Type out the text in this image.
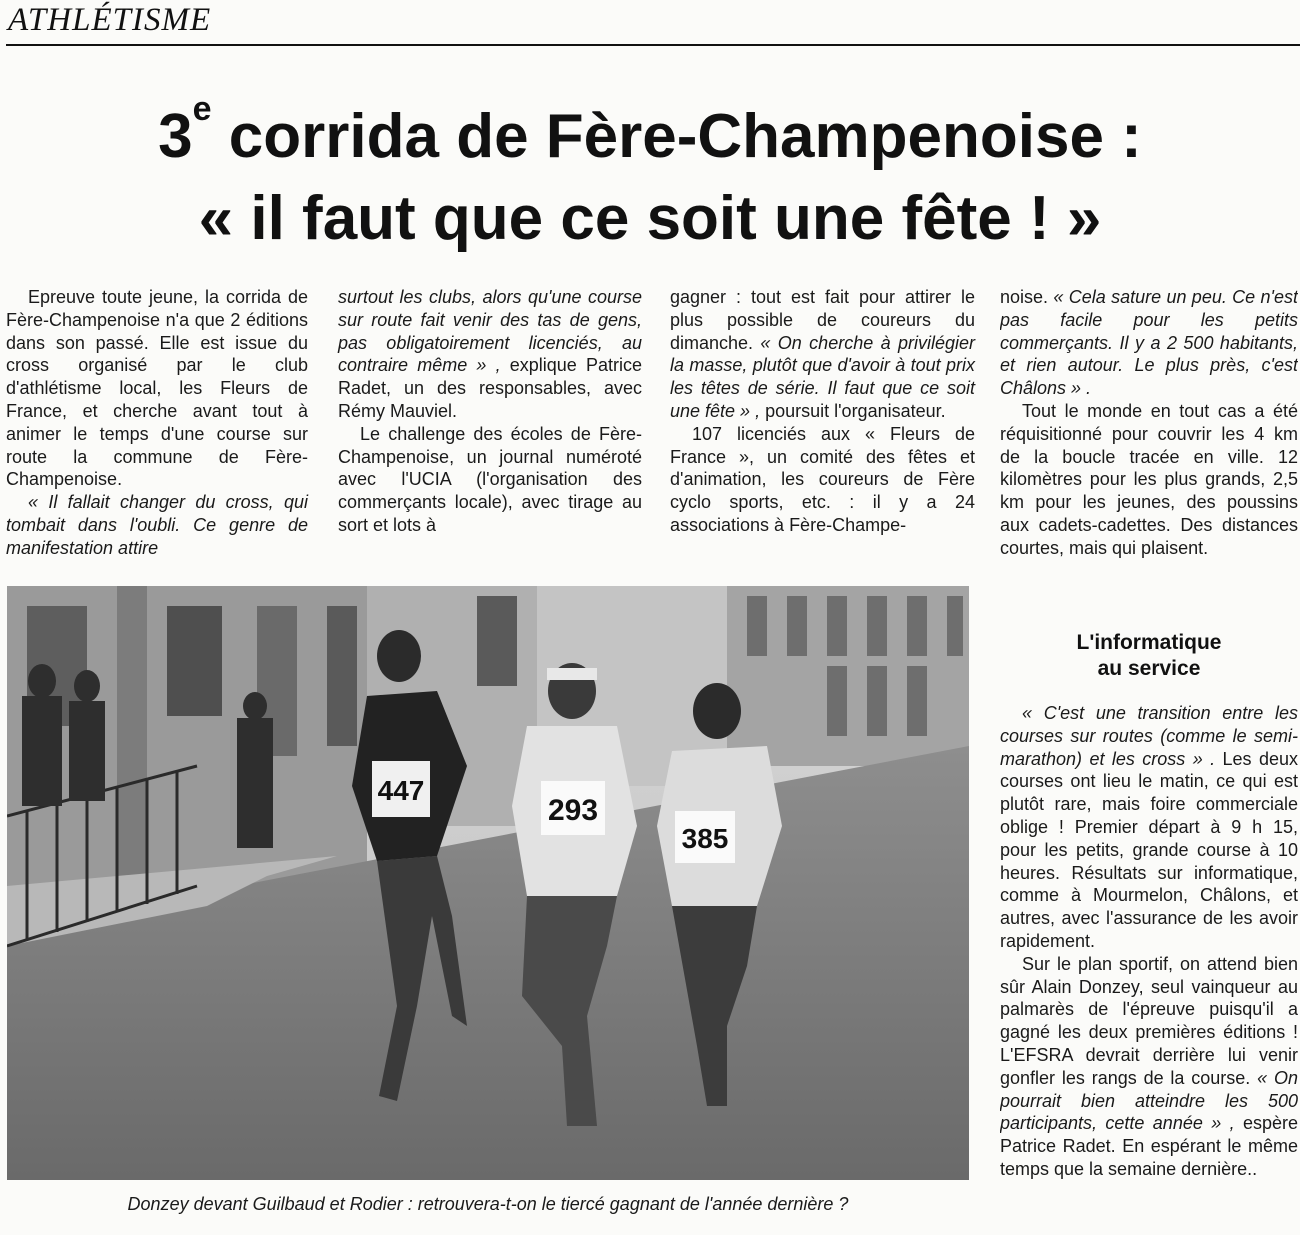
ATHLÉTISME
3e corrida de Fère-Champenoise :
« il faut que ce soit une fête ! »

Epreuve toute jeune, la corrida de Fère-Champenoise n'a que 2 éditions dans son passé. Elle est issue du cross organisé par le club d'athlétisme local, les Fleurs de France, et cherche avant tout à animer le temps d'une course sur route la commune de Fère-Champenoise.

« Il fallait changer du cross, qui tombait dans l'oubli. Ce genre de manifestation attire

surtout les clubs, alors qu'une course sur route fait venir des tas de gens, pas obligatoirement licenciés, au contraire même » , explique Patrice Radet, un des responsables, avec Rémy Mauviel.

Le challenge des écoles de Fère-Champenoise, un journal numéroté avec l'UCIA (l'organisation des commerçants locale), avec tirage au sort et lots à

gagner : tout est fait pour attirer le plus possible de coureurs du dimanche. « On cherche à privilégier la masse, plutôt que d'avoir à tout prix les têtes de série. Il faut que ce soit une fête » , poursuit l'organisateur.

107 licenciés aux « Fleurs de France », un comité des fêtes et d'animation, les coureurs de Fère cyclo sports, etc. : il y a 24 associations à Fère-Champe-

noise. « Cela sature un peu. Ce n'est pas facile pour les petits commerçants. Il y a 2 500 habitants, et rien autour. Le plus près, c'est Châlons » .

Tout le monde en tout cas a été réquisitionné pour couvrir les 4 km de la boucle tracée en ville. 12 kilomètres pour les plus grands, 2,5 km pour les jeunes, des poussins aux cadets-cadettes. Des distances courtes, mais qui plaisent.

L'informatique
au service

« C'est une transition entre les courses sur routes (comme le semi-marathon) et les cross » . Les deux courses ont lieu le matin, ce qui est plutôt rare, mais foire commerciale oblige ! Premier départ à 9 h 15, pour les petits, grande course à 10 heures. Résultats sur informatique, comme à Mourmelon, Châlons, et autres, avec l'assurance de les avoir rapidement.

Sur le plan sportif, on attend bien sûr Alain Donzey, seul vainqueur au palmarès de l'épreuve puisqu'il a gagné les deux premières éditions ! L'EFSRA devrait derrière lui venir gonfler les rangs de la course. « On pourrait bien atteindre les 500 participants, cette année » , espère Patrice Radet. En espérant le même temps que la semaine dernière..

447
293
385
Donzey devant Guilbaud et Rodier : retrouvera-t-on le tiercé gagnant de l'année dernière ?
